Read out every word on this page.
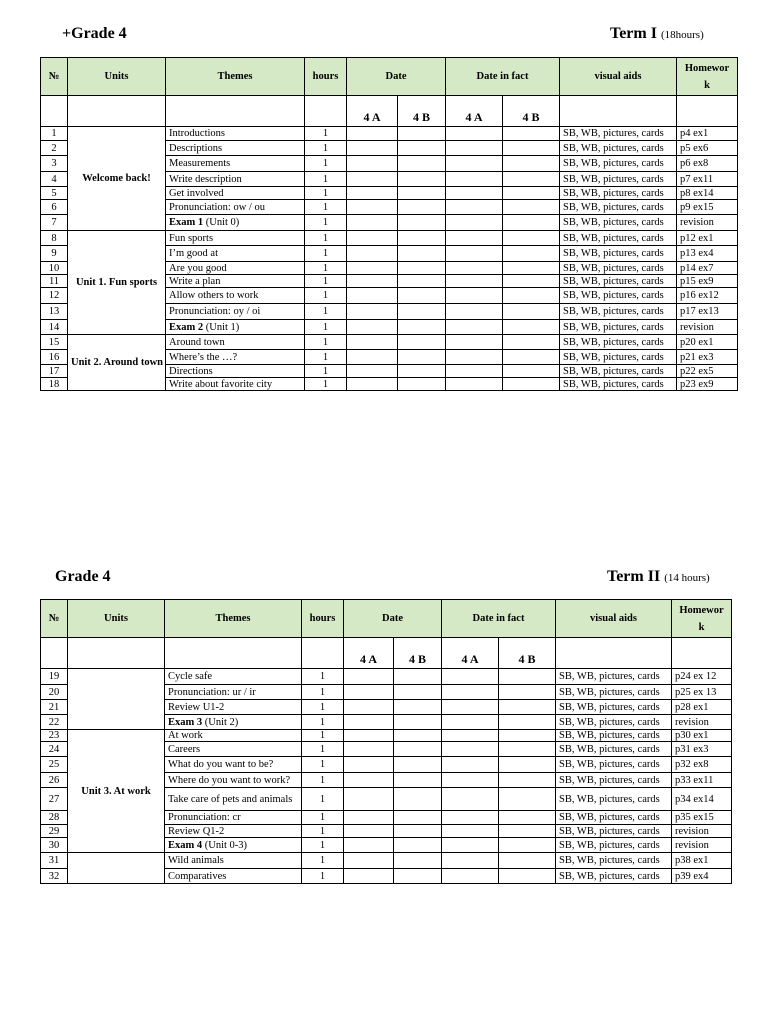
+Grade 4	Term I (18hours)
№	Units	Themes	hours	Date		Date in fact		visual aids	Homewor
k
				4 A	4 B	4 A	4 B		
1	Welcome back!	Introductions	1					SB, WB, pictures, cards	p4 ex1
2		Descriptions	1					SB, WB, pictures, cards	p5 ex6
3		Measurements	1					SB, WB, pictures, cards	p6 ex8
4		Write description	1					SB, WB, pictures, cards	p7 ex11
5		Get involved	1					SB, WB, pictures, cards	p8 ex14
6		Pronunciation: ow / ou	1					SB, WB, pictures, cards	p9 ex15
7		Exam 1 (Unit 0)	1					SB, WB, pictures, cards	revision
8	Unit 1. Fun sports	Fun sports	1					SB, WB, pictures, cards	p12 ex1
9		I’m good at	1					SB, WB, pictures, cards	p13 ex4
10		Are you good	1					SB, WB, pictures, cards	p14 ex7
11		Write a plan	1					SB, WB, pictures, cards	p15 ex9
12		Allow others to work	1					SB, WB, pictures, cards	p16 ex12
13		Pronunciation: oy / oi	1					SB, WB, pictures, cards	p17 ex13
14		Exam 2 (Unit 1)	1					SB, WB, pictures, cards	revision
15	Unit 2. Around town	Around town	1					SB, WB, pictures, cards	p20 ex1
16		Where’s the …?	1					SB, WB, pictures, cards	p21 ex3
17		Directions	1					SB, WB, pictures, cards	p22 ex5
18		Write about favorite city	1					SB, WB, pictures, cards	p23 ex9
Grade 4	Term II (14 hours)
№	Units	Themes	hours	Date		Date in fact		visual aids	Homewor
k
				4 A	4 B	4 A	4 B		
19		Cycle safe	1					SB, WB, pictures, cards	p24 ex 12
20		Pronunciation: ur / ir	1					SB, WB, pictures, cards	p25 ex 13
21		Review U1-2	1					SB, WB, pictures, cards	p28 ex1
22		Exam 3 (Unit 2)	1					SB, WB, pictures, cards	revision
23	Unit 3. At work	At work	1					SB, WB, pictures, cards	p30 ex1
24		Careers	1					SB, WB, pictures, cards	p31 ex3
25		What do you want to be?	1					SB, WB, pictures, cards	p32 ex8
26		Where do you want to work?	1					SB, WB, pictures, cards	p33 ex11
27		Take care of pets and animals	1					SB, WB, pictures, cards	p34 ex14
28		Pronunciation: cr	1					SB, WB, pictures, cards	p35 ex15
29		Review Q1-2	1					SB, WB, pictures, cards	revision
30		Exam 4 (Unit 0-3)	1					SB, WB, pictures, cards	revision
31		Wild animals	1					SB, WB, pictures, cards	p38 ex1
32		Comparatives	1					SB, WB, pictures, cards	p39 ex4
